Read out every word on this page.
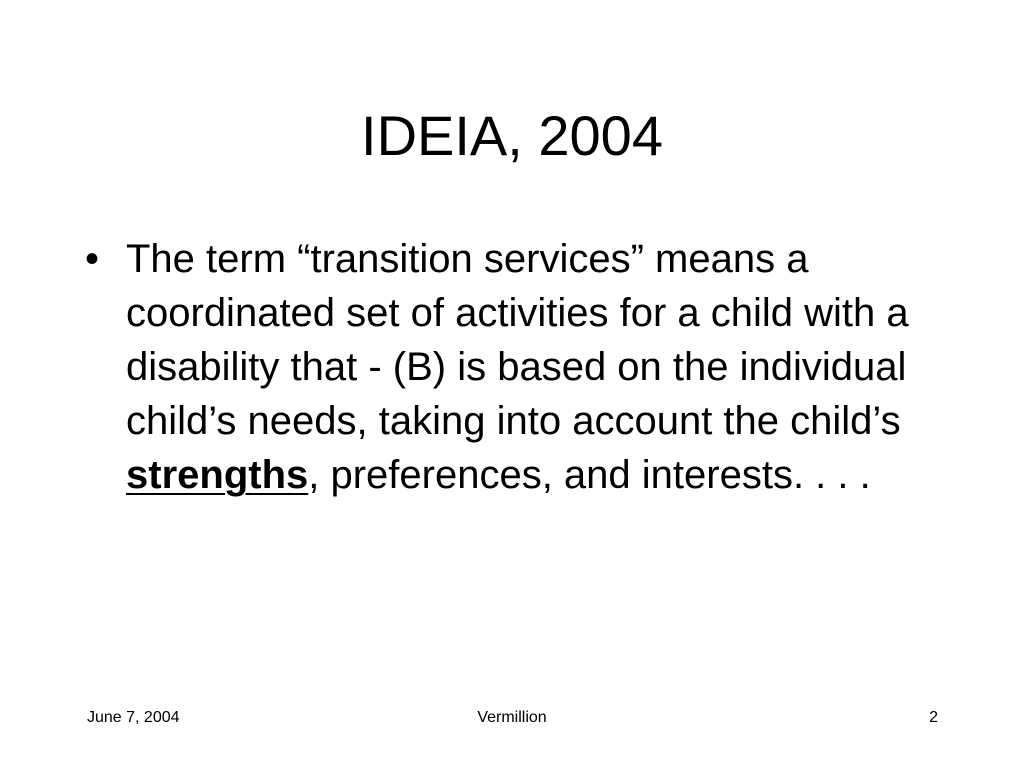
IDEIA, 2004
• The term “transition services” means a coordinated set of activities for a child with a disability that - (B) is based on the individual child’s needs, taking into account the child’s strengths, preferences, and interests. . . .
June 7, 2004	Vermillion	2
